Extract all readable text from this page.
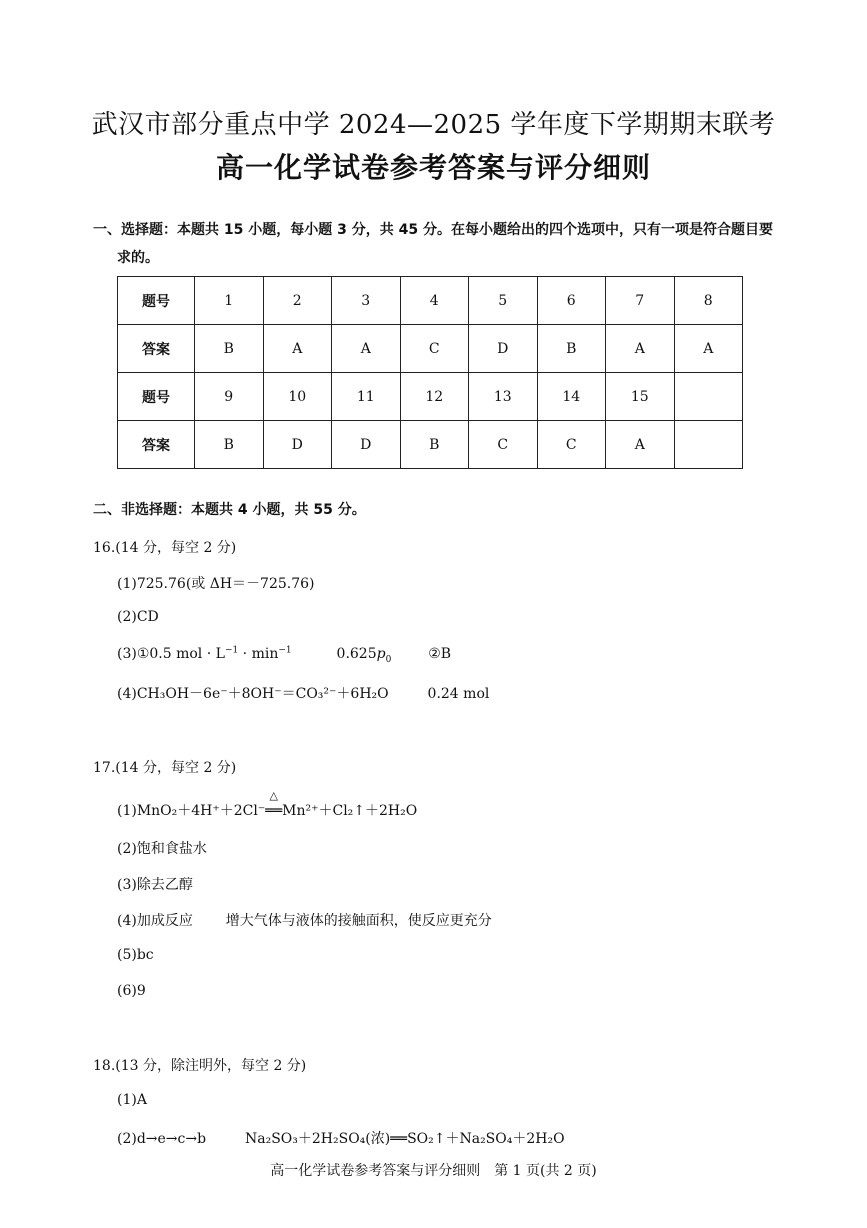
武汉市部分重点中学 2024—2025 学年度下学期期末联考
高一化学试卷参考答案与评分细则
一、选择题：本题共 15 小题，每小题 3 分，共 45 分。在每小题给出的四个选项中，只有一项是符合题目要
求的。
题号	1	2	3	4	5	6	7	8
答案	B	A	A	C	D	B	A	A
题号	9	10	11	12	13	14	15	
答案	B	D	D	B	C	C	A	
二、非选择题：本题共 4 小题，共 55 分。
16.(14 分，每空 2 分)
(1)725.76(或 ΔH＝－725.76)
(2)CD
(3)①0.5 mol · $L^{-1} \cdot \min^{-1}$	$0.625p_0$	②B
(4)CH₃OH－6e⁻＋8OH⁻＝CO₃²⁻＋6H₂O	0.24 mol
17.(14 分，每空 2 分)
(1)MnO₂＋4H⁺＋2Cl⁻
△
══Mn²⁺＋Cl₂↑＋2H₂O
(2)饱和食盐水
(3)除去乙醇
(4)加成反应 增大气体与液体的接触面积，使反应更充分
(5)bc
(6)9
18.(13 分，除注明外，每空 2 分)
(1)A
(2)d→e→c→b	Na₂SO₃＋2H₂SO₄(浓)══SO₂↑＋Na₂SO₄＋2H₂O
高一化学试卷参考答案与评分细则　第 1 页(共 2 页)
